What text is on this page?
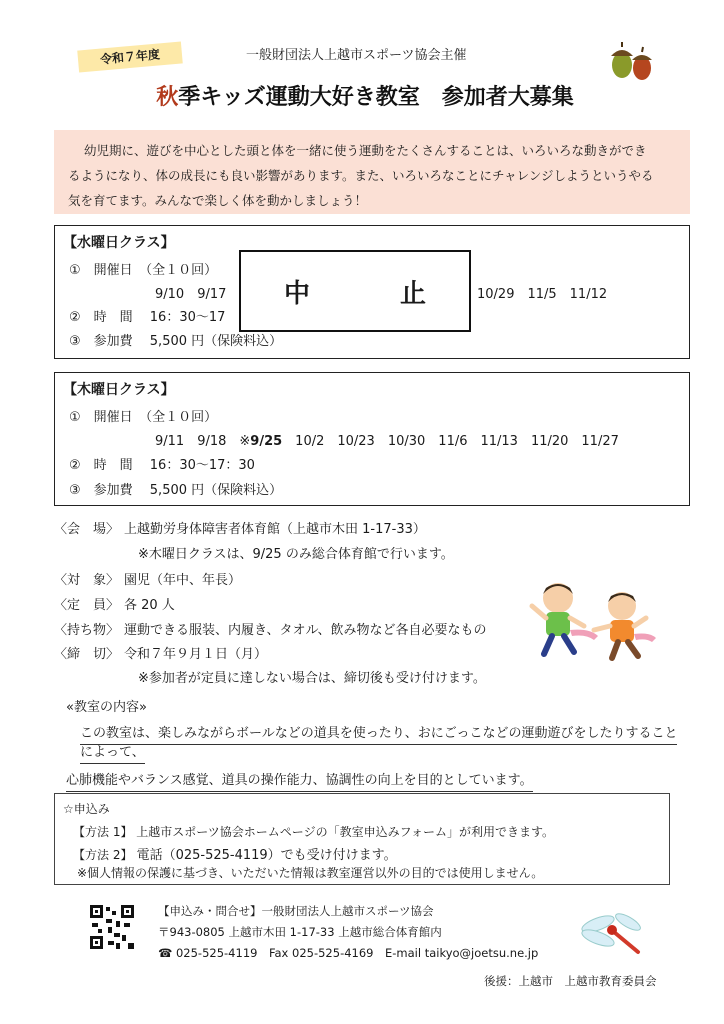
令和７年度	一般財団法人上越市スポーツ協会主催
秋季キッズ運動大好き教室　参加者大募集
幼児期に、遊びを中心とした頭と体を一緒に使う運動をたくさんすることは、いろいろな動きができ
るようになり、体の成長にも良い影響があります。また、いろいろなことにチャレンジしようというやる
気を育てます。みんなで楽しく体を動かしましょう！
【水曜日クラス】
①　開催日　（全１０回）
9/10　9/17	10/29　11/5　11/12
②　時　間　 16：30～17
③　参加費　 5,500 円（保険料込）
中	止
【木曜日クラス】
①　開催日　（全１０回）
9/11　9/18　※9/25　10/2　10/23　10/30　11/6　11/13　11/20　11/27
②　時　間　 16：30～17：30
③　参加費　 5,500 円（保険料込）
〈会　場〉 上越勤労身体障害者体育館（上越市木田 1-17-33）
※木曜日クラスは、9/25 のみ総合体育館で行います。
〈対　象〉 園児（年中、年長）
〈定　員〉 各 20 人
〈持ち物〉 運動できる服装、内履き、タオル、飲み物など各自必要なもの
〈締　切〉 令和７年９月１日（月）
※参加者が定員に達しない場合は、締切後も受け付けます。
«教室の内容»
この教室は、楽しみながらボールなどの道具を使ったり、おにごっこなどの運動遊びをしたりすることによって、
心肺機能やバランス感覚、道具の操作能力、協調性の向上を目的としています。
☆申込み
【方法 1】 上越市スポーツ協会ホームページの「教室申込みフォーム」が利用できます。
【方法 2】 電話（025-525-4119）でも受け付けます。
※個人情報の保護に基づき、いただいた情報は教室運営以外の目的では使用しません。
【申込み・問合せ】一般財団法人上越市スポーツ協会
〒943-0805 上越市木田 1-17-33 上越市総合体育館内
☎ 025-525-4119　Fax 025-525-4169　E-mail taikyo@joetsu.ne.jp
後援：上越市　上越市教育委員会
